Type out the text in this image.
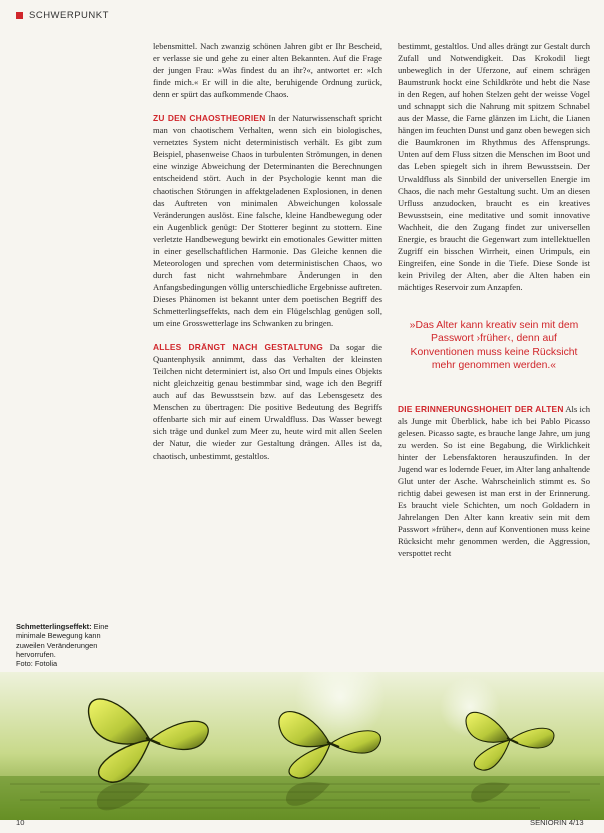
SCHWERPUNKT

lebensmittel. Nach zwanzig schönen Jahren gibt er Ihr Bescheid, er verlasse sie und gehe zu einer alten Bekannten. Auf die Frage der jungen Frau: »Was findest du an ihr?«, antwortet er: »Ich finde mich.« Er will in die alte, beruhigende Ordnung zurück, denn er spürt das aufkommende Chaos.

ZU DEN CHAOSTHEORIEN In der Naturwissenschaft spricht man von chaotischem Verhalten, wenn sich ein biologisches, vernetztes System nicht deterministisch verhält. Es gibt zum Beispiel, phasenweise Chaos in turbulenten Strömungen, in denen eine winzige Abweichung der Determinanten die Berechnungen entscheidend stört. Auch in der Psychologie kennt man die chaotischen Störungen in affektgeladenen Explosionen, in denen das Auftreten von minimalen Abweichungen kolossale Veränderungen auslöst. Eine falsche, kleine Handbewegung oder ein Augenblick genügt: Der Stotterer beginnt zu stottern. Eine verletzte Handbewegung bewirkt ein emotionales Gewitter mitten in einer gesellschaftlichen Harmonie. Das Gleiche kennen die Meteorologen und sprechen vom deterministischen Chaos, wo durch fast nicht wahrnehmbare Änderungen in den Anfangsbedingungen völlig unterschiedliche Ergebnisse auftreten. Dieses Phänomen ist bekannt unter dem poetischen Begriff des Schmetterlingseffekts, nach dem ein Flügelschlag genügen soll, um eine Grosswetterlage ins Schwanken zu bringen.

ALLES DRÄNGT NACH GESTALTUNG Da sogar die Quantenphysik annimmt, dass das Verhalten der kleinsten Teilchen nicht determiniert ist, also Ort und Impuls eines Objekts nicht gleichzeitig genau bestimmbar sind, wage ich den Begriff auch auf das Bewusstsein bzw. auf das Lebensgesetz des Menschen zu übertragen: Die positive Bedeutung des Begriffs offenbarte sich mir auf einem Urwaldfluss. Das Wasser bewegt sich träge und dunkel zum Meer zu, heute wird mit allen Seelen der Natur, die wieder zur Gestaltung drängen. Alles ist da, chaotisch, unbestimmt, gestaltlos.

bestimmt, gestaltlos. Und alles drängt zur Gestalt durch Zufall und Notwendigkeit. Das Krokodil liegt unbeweglich in der Uferzone, auf einem schrägen Baumstrunk hockt eine Schildkröte und hebt die Nase in den Regen, auf hohen Stelzen geht der weisse Vogel und schnappt sich die Nahrung mit spitzem Schnabel aus der Masse, die Farne glänzen im Licht, die Lianen hängen im feuchten Dunst und ganz oben bewegen sich die Baumkronen im Rhythmus des Affensprungs. Unten auf dem Fluss sitzen die Menschen im Boot und das Leben spiegelt sich in ihrem Bewusstsein. Der Urwaldfluss als Sinnbild der universellen Energie im Chaos, die nach mehr Gestaltung sucht. Um an diesen Urfluss anzudocken, braucht es ein kreatives Bewusstsein, eine meditative und somit innovative Wachheit, die den Zugang findet zur universellen Energie, es braucht die Gegenwart zum intellektuellen Zugriff ein bisschen Wirrheit, einen Urimpuls, ein Eingreifen, eine Sonde in die Tiefe. Diese Sonde ist kein Privileg der Alten, aber die Alten haben ein mächtiges Reservoir zum Anzapfen.

»Das Alter kann kreativ sein mit dem Passwort ›früher‹, denn auf Konventionen muss keine Rücksicht mehr genommen werden.«

DIE ERINNERUNGSHOHEIT DER ALTEN Als ich als Junge mit Überblick, habe ich bei Pablo Picasso gelesen. Picasso sagte, es brauche lange Jahre, um jung zu werden. So ist eine Begabung, die Wirklichkeit hinter der Lebensfaktoren herauszufinden. In der Jugend war es lodernde Feuer, im Alter lang anhaltende Glut unter der Asche. Wahrscheinlich stimmt es. So richtig dabei gewesen ist man erst in der Erinnerung. Es braucht viele Schichten, um noch Goldadern in Jahrelangen Den Alter kann kreativ sein mit dem Passwort »früher«, denn auf Konventionen muss keine Rücksicht mehr genommen werden, die Aggression, verspottet recht

Schmetterlingseffekt: Eine minimale Bewegung kann zuweilen Veränderungen hervorrufen.
Foto: Fotolia
10	SENIORIN 4/13
